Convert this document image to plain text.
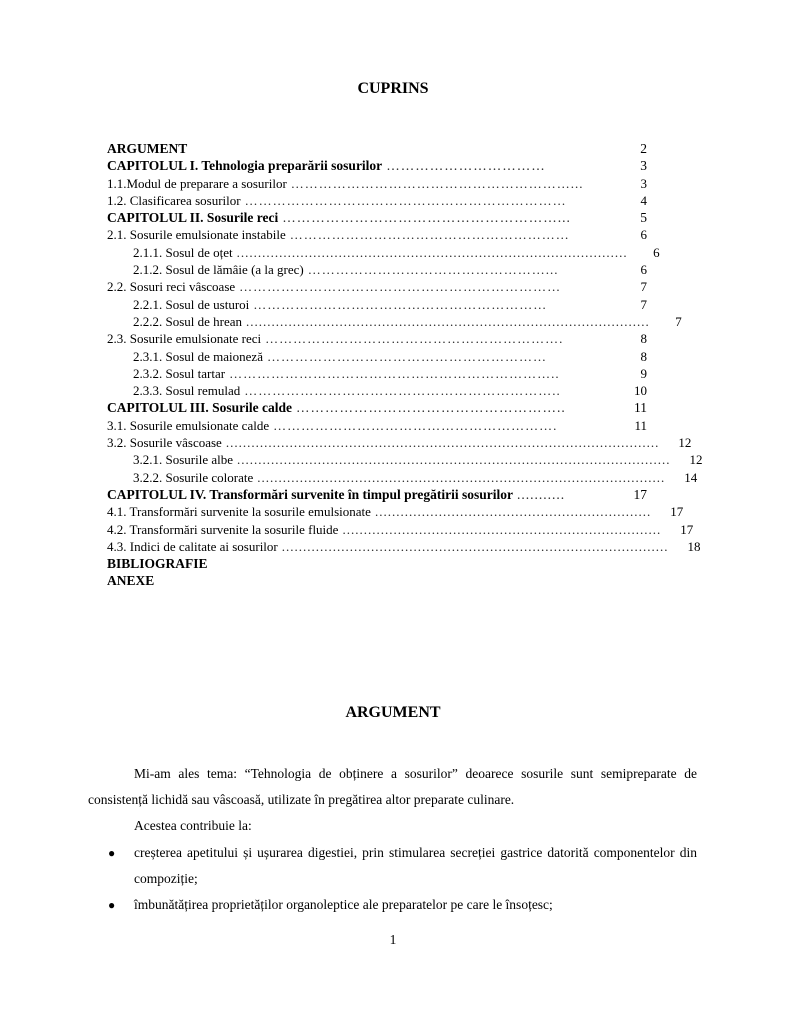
CUPRINS
ARGUMENT	2
CAPITOLUL I. Tehnologia preparării sosurilor ……………………………	3
1.1.Modul de preparare a sosurilor ……………………………………………………...	3
1.2. Clasificarea sosurilor ……………………………………………………………	4
CAPITOLUL II. Sosurile reci …………………………………………………...	5
2.1. Sosurile emulsionate instabile ……………………………………………………	6
2.1.1. Sosul de oțet ............................................................................................	6
2.1.2. Sosul de lămâie (a la grec) ……………………………………………...	6
2.2. Sosuri reci vâscoase ……………………………………………………………	7
2.2.1. Sosul de usturoi ………………………………………………………	7
2.2.2. Sosul de hrean ...............................................................................................	7
2.3. Sosurile emulsionate reci ……………………………………………………….	8
2.3.1. Sosul de maioneză ……………………………………………………	8
2.3.2. Sosul tartar ……………………………………………………………..	9
2.3.3. Sosul remulad …………………………………………………………..	10
CAPITOLUL III. Sosurile calde ………………………………………………..	11
3.1. Sosurile emulsionate calde …………………………………………………….	11
3.2. Sosurile vâscoase ......................................................................................................	12
3.2.1. Sosurile albe ......................................................................................................	12
3.2.2. Sosurile colorate ................................................................................................	14
CAPITOLUL IV. Transformări survenite în timpul pregătirii sosurilor ...........	17
4.1. Transformări survenite la sosurile emulsionate .................................................................	17
4.2. Transformări survenite la sosurile fluide ...........................................................................	17
4.3. Indici de calitate ai sosurilor ...........................................................................................	18
BIBLIOGRAFIE
ANEXE
ARGUMENT

Mi-am ales tema: “Tehnologia de obținere a sosurilor” deoarece sosurile sunt semipreparate de consistență lichidă sau vâscoasă, utilizate în pregătirea altor preparate culinare.

Acestea contribuie la:

● creșterea apetitului și ușurarea digestiei, prin stimularea secreției gastrice datorită componentelor din compoziție;
● îmbunătățirea proprietăților organoleptice ale preparatelor pe care le însoțesc;
1
